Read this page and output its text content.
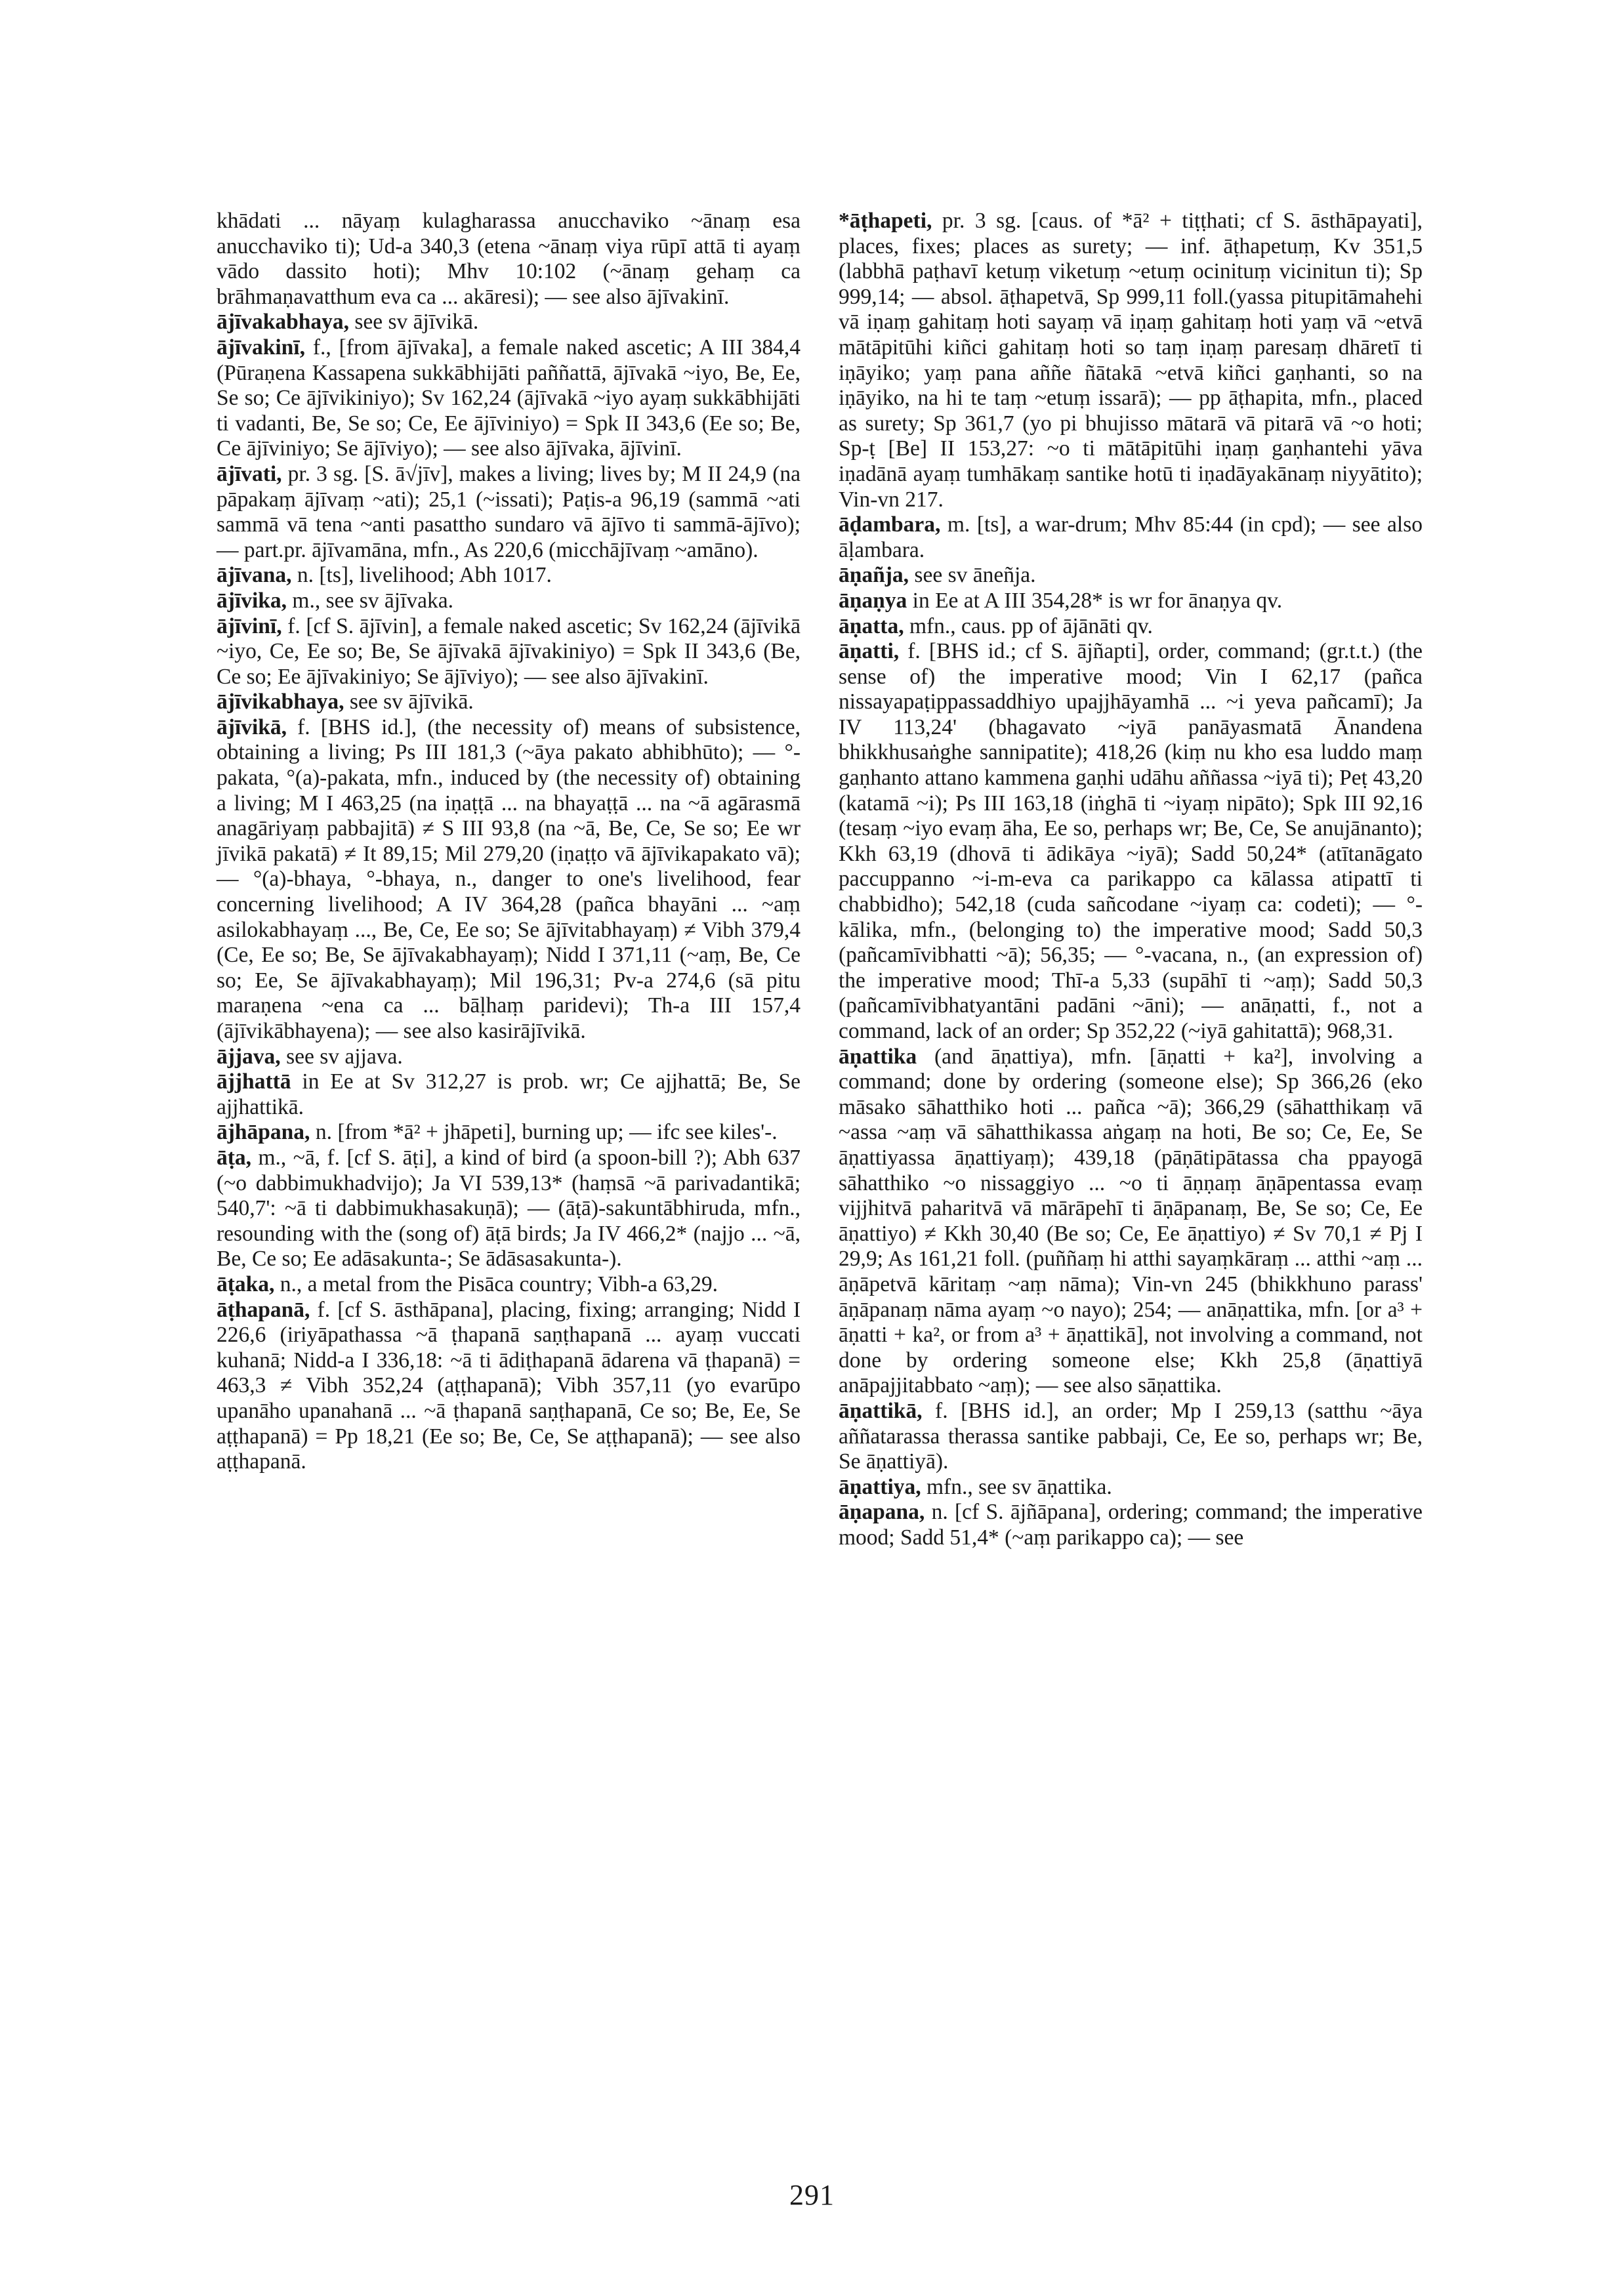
khādati ... nāyaṃ kulagharassa anucchaviko ~ānaṃ esa anucchaviko ti); Ud-a 340,3 (etena ~ānaṃ viya rūpī attā ti ayaṃ vādo dassito hoti); Mhv 10:102 (~ānaṃ gehaṃ ca brāhmaṇavatthum eva ca ... akāresi); — see also ājīvakinī.

ājīvakabhaya, see sv ājīvikā.

ājīvakinī, f., [from ājīvaka], a female naked ascetic; A III 384,4 (Pūraṇena Kassapena sukkābhijāti paññattā, ājīvakā ~iyo, Be, Ee, Se so; Ce ājīvikiniyo); Sv 162,24 (ājīvakā ~iyo ayaṃ sukkābhijāti ti vadanti, Be, Se so; Ce, Ee ājīviniyo) = Spk II 343,6 (Ee so; Be, Ce ājīviniyo; Se ājīviyo); — see also ājīvaka, ājīvinī.

ājīvati, pr. 3 sg. [S. ā√jīv], makes a living; lives by; M II 24,9 (na pāpakaṃ ājīvaṃ ~ati); 25,1 (~issati); Paṭis-a 96,19 (sammā ~ati sammā vā tena ~anti pasattho sundaro vā ājīvo ti sammā-ājīvo); — part.pr. ājīvamāna, mfn., As 220,6 (micchājīvaṃ ~amāno).

ājīvana, n. [ts], livelihood; Abh 1017.

ājīvika, m., see sv ājīvaka.

ājīvinī, f. [cf S. ājīvin], a female naked ascetic; Sv 162,24 (ājīvikā ~iyo, Ce, Ee so; Be, Se ājīvakā ājīvakiniyo) = Spk II 343,6 (Be, Ce so; Ee ājīvakiniyo; Se ājīviyo); — see also ājīvakinī.

ājīvikabhaya, see sv ājīvikā.

ājīvikā, f. [BHS id.], (the necessity of) means of subsistence, obtaining a living; Ps III 181,3 (~āya pakato abhibhūto); — °-pakata, °(a)-pakata, mfn., induced by (the necessity of) obtaining a living; M I 463,25 (na iṇaṭṭā ... na bhayaṭṭā ... na ~ā agārasmā anagāriyaṃ pabbajitā) ≠ S III 93,8 (na ~ā, Be, Ce, Se so; Ee wr jīvikā pakatā) ≠ It 89,15; Mil 279,20 (iṇaṭṭo vā ājīvikapakato vā); — °(a)-bhaya, °-bhaya, n., danger to one's livelihood, fear concerning livelihood; A IV 364,28 (pañca bhayāni ... ~aṃ asilokabhayaṃ ..., Be, Ce, Ee so; Se ājīvitabhayaṃ) ≠ Vibh 379,4 (Ce, Ee so; Be, Se ājīvakabhayaṃ); Nidd I 371,11 (~aṃ, Be, Ce so; Ee, Se ājīvakabhayaṃ); Mil 196,31; Pv-a 274,6 (sā pitu maraṇena ~ena ca ... bāḷhaṃ paridevi); Th-a III 157,4 (ājīvikābhayena); — see also kasirājīvikā.

ājjava, see sv ajjava.

ājjhattā in Ee at Sv 312,27 is prob. wr; Ce ajjhattā; Be, Se ajjhattikā.

ājhāpana, n. [from *ā² + jhāpeti], burning up; — ifc see kiles'-.

āṭa, m., ~ā, f. [cf S. āṭi], a kind of bird (a spoon-bill ?); Abh 637 (~o dabbimukhadvijo); Ja VI 539,13* (haṃsā ~ā parivadantikā; 540,7': ~ā ti dabbimukhasakuṇā); — (āṭā)-sakuntābhiruda, mfn., resounding with the (song of) āṭā birds; Ja IV 466,2* (najjo ... ~ā, Be, Ce so; Ee adāsakunta-; Se ādāsasakunta-).

āṭaka, n., a metal from the Pisāca country; Vibh-a 63,29.

āṭhapanā, f. [cf S. āsthāpana], placing, fixing; arranging; Nidd I 226,6 (iriyāpathassa ~ā ṭhapanā saṇṭhapanā ... ayaṃ vuccati kuhanā; Nidd-a I 336,18: ~ā ti ādiṭhapanā ādarena vā ṭhapanā) = 463,3 ≠ Vibh 352,24 (aṭṭhapanā); Vibh 357,11 (yo evarūpo upanāho upanahanā ... ~ā ṭhapanā saṇṭhapanā, Ce so; Be, Ee, Se aṭṭhapanā) = Pp 18,21 (Ee so; Be, Ce, Se aṭṭhapanā); — see also aṭṭhapanā.

*āṭhapeti, pr. 3 sg. [caus. of *ā² + tiṭṭhati; cf S. āsthāpayati], places, fixes; places as surety; — inf. āṭhapetuṃ, Kv 351,5 (labbhā paṭhavī ketuṃ viketuṃ ~etuṃ ocinituṃ vicinitun ti); Sp 999,14; — absol. āṭhapetvā, Sp 999,11 foll.(yassa pitupitāmahehi vā iṇaṃ gahitaṃ hoti sayaṃ vā iṇaṃ gahitaṃ hoti yaṃ vā ~etvā mātāpitūhi kiñci gahitaṃ hoti so taṃ iṇaṃ paresaṃ dhāretī ti iṇāyiko; yaṃ pana aññe ñātakā ~etvā kiñci gaṇhanti, so na iṇāyiko, na hi te taṃ ~etuṃ issarā); — pp āṭhapita, mfn., placed as surety; Sp 361,7 (yo pi bhujisso mātarā vā pitarā vā ~o hoti; Sp-ṭ [Be] II 153,27: ~o ti mātāpitūhi iṇaṃ gaṇhantehi yāva iṇadānā ayaṃ tumhākaṃ santike hotū ti iṇadāyakānaṃ niyyātito); Vin-vn 217.

āḍambara, m. [ts], a war-drum; Mhv 85:44 (in cpd); — see also āḷambara.

āṇañja, see sv āneñja.

āṇaṇya in Ee at A III 354,28* is wr for ānaṇya qv.

āṇatta, mfn., caus. pp of ājānāti qv.

āṇatti, f. [BHS id.; cf S. ājñapti], order, command; (gr.t.t.) (the sense of) the imperative mood; Vin I 62,17 (pañca nissayapaṭippassaddhiyo upajjhāyamhā ... ~i yeva pañcamī); Ja IV 113,24' (bhagavato ~iyā panāyasmatā Ānandena bhikkhusaṅghe sannipatite); 418,26 (kiṃ nu kho esa luddo maṃ gaṇhanto attano kammena gaṇhi udāhu aññassa ~iyā ti); Peṭ 43,20 (katamā ~i); Ps III 163,18 (iṅghā ti ~iyaṃ nipāto); Spk III 92,16 (tesaṃ ~iyo evaṃ āha, Ee so, perhaps wr; Be, Ce, Se anujānanto); Kkh 63,19 (dhovā ti ādikāya ~iyā); Sadd 50,24* (atītanāgato paccuppanno ~i-m-eva ca parikappo ca kālassa atipattī ti chabbidho); 542,18 (cuda sañcodane ~iyaṃ ca: codeti); — °-kālika, mfn., (belonging to) the imperative mood; Sadd 50,3 (pañcamīvibhatti ~ā); 56,35; — °-vacana, n., (an expression of) the imperative mood; Thī-a 5,33 (supāhī ti ~aṃ); Sadd 50,3 (pañcamīvibhatyantāni padāni ~āni); — anāṇatti, f., not a command, lack of an order; Sp 352,22 (~iyā gahitattā); 968,31.

āṇattika (and āṇattiya), mfn. [āṇatti + ka²], involving a command; done by ordering (someone else); Sp 366,26 (eko māsako sāhatthiko hoti ... pañca ~ā); 366,29 (sāhatthikaṃ vā ~assa ~aṃ vā sāhatthikassa aṅgaṃ na hoti, Be so; Ce, Ee, Se āṇattiyassa āṇattiyaṃ); 439,18 (pāṇātipātassa cha ppayogā sāhatthiko ~o nissaggiyo ... ~o ti āṇṇaṃ āṇāpentassa evaṃ vijjhitvā paharitvā vā mārāpehī ti āṇāpanaṃ, Be, Se so; Ce, Ee āṇattiyo) ≠ Kkh 30,40 (Be so; Ce, Ee āṇattiyo) ≠ Sv 70,1 ≠ Pj I 29,9; As 161,21 foll. (puññaṃ hi atthi sayaṃkāraṃ ... atthi ~aṃ ... āṇāpetvā kāritaṃ ~aṃ nāma); Vin-vn 245 (bhikkhuno parass' āṇāpanaṃ nāma ayaṃ ~o nayo); 254; — anāṇattika, mfn. [or a³ + āṇatti + ka², or from a³ + āṇattikā], not involving a command, not done by ordering someone else; Kkh 25,8 (āṇattiyā anāpajjitabbato ~aṃ); — see also sāṇattika.

āṇattikā, f. [BHS id.], an order; Mp I 259,13 (satthu ~āya aññatarassa therassa santike pabbaji, Ce, Ee so, perhaps wr; Be, Se āṇattiyā).

āṇattiya, mfn., see sv āṇattika.

āṇapana, n. [cf S. ājñāpana], ordering; command; the imperative mood; Sadd 51,4* (~aṃ parikappo ca); — see

291
